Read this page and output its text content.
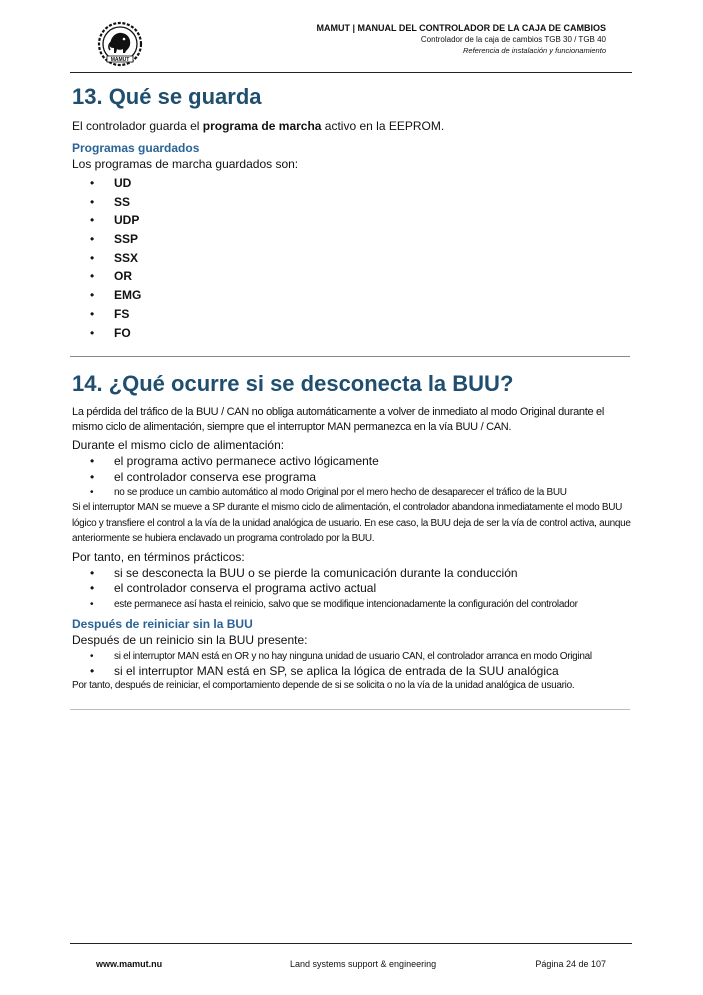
MAMUT
MAMUT | MANUAL DEL CONTROLADOR DE LA CAJA DE CAMBIOS
Controlador de la caja de cambios TGB 30 / TGB 40
Referencia de instalación y funcionamiento
13. Qué se guarda

El controlador guarda el programa de marcha activo en la EEPROM.

Programas guardados

Los programas de marcha guardados son:

• UD
• SS
• UDP
• SSP
• SSX
• OR
• EMG
• FS
• FO
14. ¿Qué ocurre si se desconecta la BUU?

La pérdida del tráfico de la BUU / CAN no obliga automáticamente a volver de inmediato al modo Original durante el mismo ciclo de alimentación, siempre que el interruptor MAN permanezca en la vía BUU / CAN.

Durante el mismo ciclo de alimentación:

• el programa activo permanece activo lógicamente
• el controlador conserva ese programa
• no se produce un cambio automático al modo Original por el mero hecho de desaparecer el tráfico de la BUU

Si el interruptor MAN se mueve a SP durante el mismo ciclo de alimentación, el controlador abandona inmediatamente el modo BUU lógico y transfiere el control a la vía de la unidad analógica de usuario. En ese caso, la BUU deja de ser la vía de control activa, aunque anteriormente se hubiera enclavado un programa controlado por la BUU.

Por tanto, en términos prácticos:

• si se desconecta la BUU o se pierde la comunicación durante la conducción
• el controlador conserva el programa activo actual
• este permanece así hasta el reinicio, salvo que se modifique intencionadamente la configuración del controlador
Después de reiniciar sin la BUU

Después de un reinicio sin la BUU presente:

• si el interruptor MAN está en OR y no hay ninguna unidad de usuario CAN, el controlador arranca en modo Original
• si el interruptor MAN está en SP, se aplica la lógica de entrada de la SUU analógica

Por tanto, después de reiniciar, el comportamiento depende de si se solicita o no la vía de la unidad analógica de usuario.

www.mamut.nu	Land systems support & engineering	Página 24 de 107
